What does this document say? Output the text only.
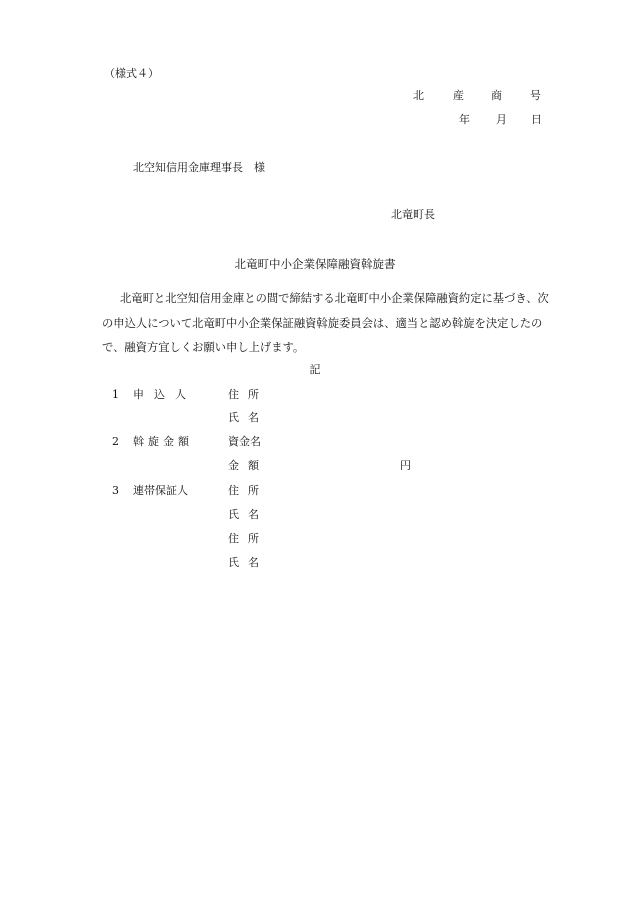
（様式４）
北	産 商	号
年 月 日
北空知信用金庫理事長　様
北竜町長
北竜町中小企業保障融資斡旋書
北竜町と北空知信用金庫との間で締結する北竜町中小企業保障融資約定に基づき、次
の申込人について北竜町中小企業保証融資斡旋委員会は、適当と認め斡旋を決定したの
で、融資方宜しくお願い申し上げます。
記
1 申 込 人	住 所
氏 名
2 斡 旋 金 額	資金名
金 額	円
3 連帯保証人	住 所
氏 名
住 所
氏 名
